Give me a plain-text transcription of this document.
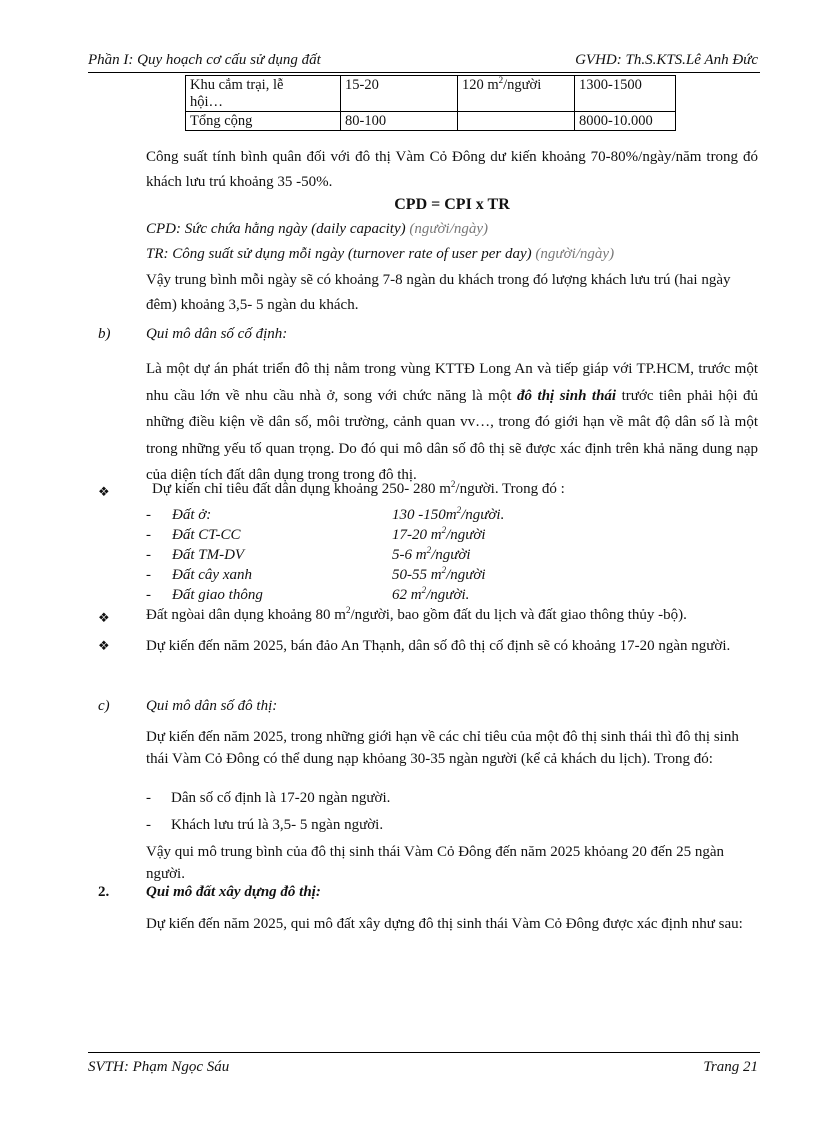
Phần I: Quy hoạch cơ cấu sử dụng đất	GVHD: Th.S.KTS.Lê Anh Đức
Khu cắm trại, lễ
hội…	15-20	120 $m^2$/người	1300-1500
Tổng cộng	80-100		8000-10.000
Công suất tính bình quân đối với đô thị Vàm Cỏ Đông dư kiến khoảng 70-80%/ngày/năm trong đó khách lưu trú khoảng 35 -50%.
CPD = CPI x TR
CPD: Sức chứa hằng ngày (daily capacity) (người/ngày)
TR: Công suất sử dụng mỗi ngày (turnover rate of user per day) (người/ngày)
Vậy trung bình mỗi ngày sẽ có khoảng 7-8 ngàn du khách trong đó lượng khách lưu trú (hai ngày đêm) khoảng 3,5- 5 ngàn du khách.
b) Qui mô dân số cố định:
Là một dự án phát triển đô thị nằm trong vùng KTTĐ Long An và tiếp giáp với TP.HCM, trước một nhu cầu lớn về nhu cầu nhà ở, song với chức năng là một đô thị sinh thái trước tiên phải hội đủ những điều kiện về dân số, môi trường, cảnh quan vv…, trong đó giới hạn về mât độ dân số là một trong những yếu tố quan trọng. Do đó qui mô dân số đô thị sẽ được xác định trên khả năng dung nạp của diện tích đất dân dụng trong trong đô thị.
❖	Dự kiến chỉ tiêu đất dân dụng khoảng 250- 280 $m^2$/người. Trong đó :
- Đất ở:	130 $-150m^2$/người.
- Đất CT-CC	17-20 $m^2$/người
- Đất TM-DV	5-6 $m^2$/người
- Đất cây xanh	50-55 $m^2$/người
- Đất giao thông	62 $m^2$/người.
❖ Đất ngòai dân dụng khoảng 80 $m^2$/người, bao gồm đất du lịch và đất giao thông thủy -bộ).
❖ Dự kiến đến năm 2025, bán đảo An Thạnh, dân số đô thị cố định sẽ có khoảng 17-20 ngàn người.
c) Qui mô dân số đô thị:
Dự kiến đến năm 2025, trong những giới hạn về các chỉ tiêu của một đô thị sinh thái thì đô thị sinh thái Vàm Cỏ Đông có thể dung nạp khỏang 30-35 ngàn người (kể cả khách du lịch). Trong đó:
- Dân số cố định là 17-20 ngàn người.
- Khách lưu trú là 3,5- 5 ngàn người.
Vậy qui mô trung bình của đô thị sinh thái Vàm Cỏ Đông đến năm 2025 khỏang 20 đến 25 ngàn người.
2. Qui mô đất xây dựng đô thị:
Dự kiến đến năm 2025, qui mô đất xây dựng đô thị sinh thái Vàm Cỏ Đông được xác định như sau:
SVTH: Phạm Ngọc Sáu	Trang 21
